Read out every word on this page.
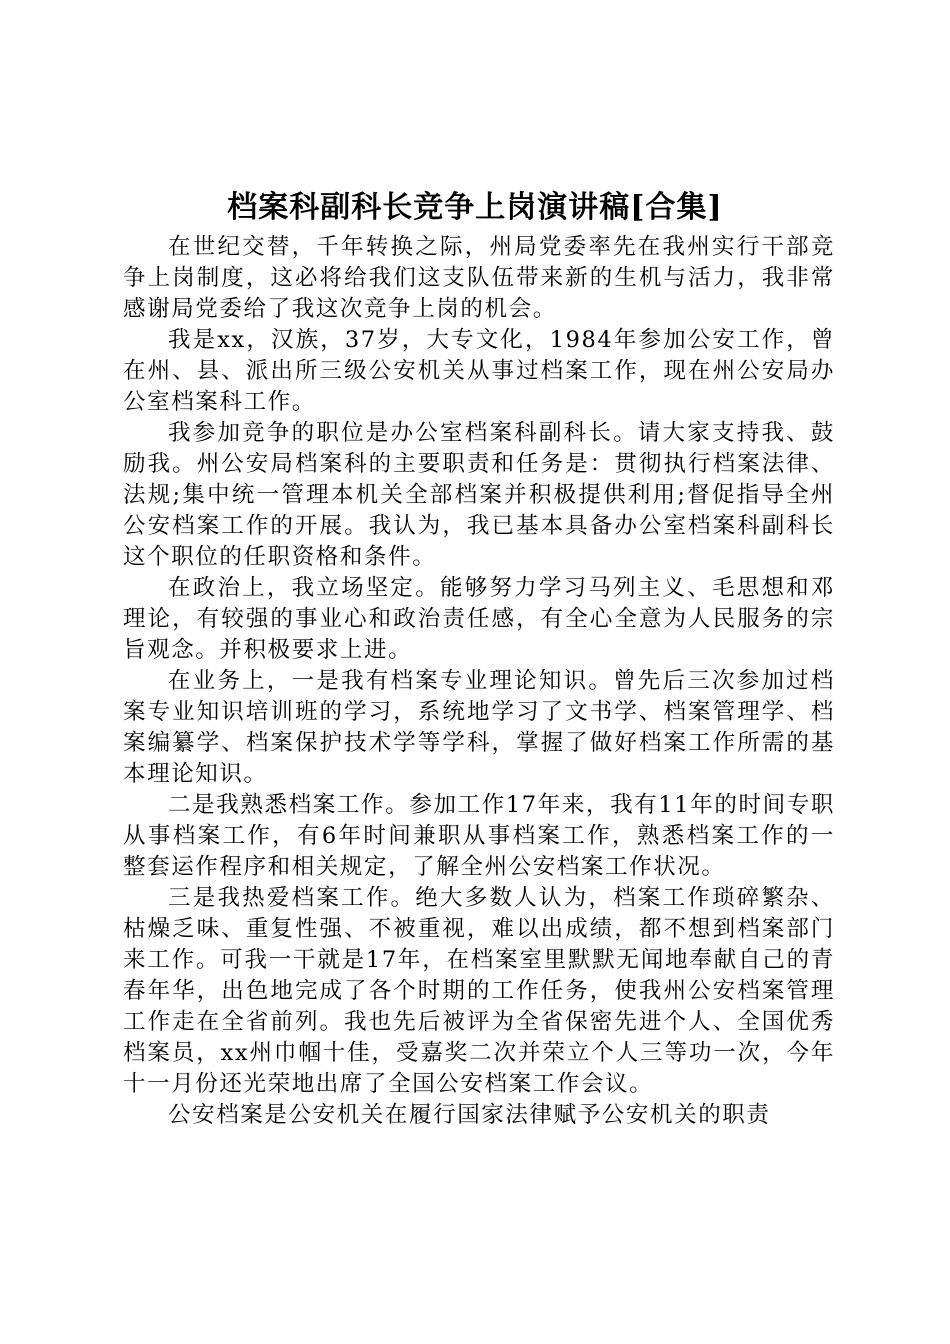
档案科副科长竞争上岗演讲稿[合集]

在世纪交替，千年转换之际，州局党委率先在我州实行干部竞争上岗制度，这必将给我们这支队伍带来新的生机与活力，我非常感谢局党委给了我这次竞争上岗的机会。

我是xx，汉族，37岁，大专文化，1984年参加公安工作，曾在州、县、派出所三级公安机关从事过档案工作，现在州公安局办公室档案科工作。

我参加竞争的职位是办公室档案科副科长。请大家支持我、鼓励我。州公安局档案科的主要职责和任务是：贯彻执行档案法律、法规;集中统一管理本机关全部档案并积极提供利用;督促指导全州公安档案工作的开展。我认为，我已基本具备办公室档案科副科长这个职位的任职资格和条件。

在政治上，我立场坚定。能够努力学习马列主义、毛思想和邓理论，有较强的事业心和政治责任感，有全心全意为人民服务的宗旨观念。并积极要求上进。

在业务上，一是我有档案专业理论知识。曾先后三次参加过档案专业知识培训班的学习，系统地学习了文书学、档案管理学、档案编纂学、档案保护技术学等学科，掌握了做好档案工作所需的基本理论知识。

二是我熟悉档案工作。参加工作17年来，我有11年的时间专职从事档案工作，有6年时间兼职从事档案工作，熟悉档案工作的一整套运作程序和相关规定，了解全州公安档案工作状况。

三是我热爱档案工作。绝大多数人认为，档案工作琐碎繁杂、枯燥乏味、重复性强、不被重视，难以出成绩，都不想到档案部门来工作。可我一干就是17年，在档案室里默默无闻地奉献自己的青春年华，出色地完成了各个时期的工作任务，使我州公安档案管理工作走在全省前列。我也先后被评为全省保密先进个人、全国优秀档案员，xx州巾帼十佳，受嘉奖二次并荣立个人三等功一次，今年十一月份还光荣地出席了全国公安档案工作会议。

公安档案是公安机关在履行国家法律赋予公安机关的职责
